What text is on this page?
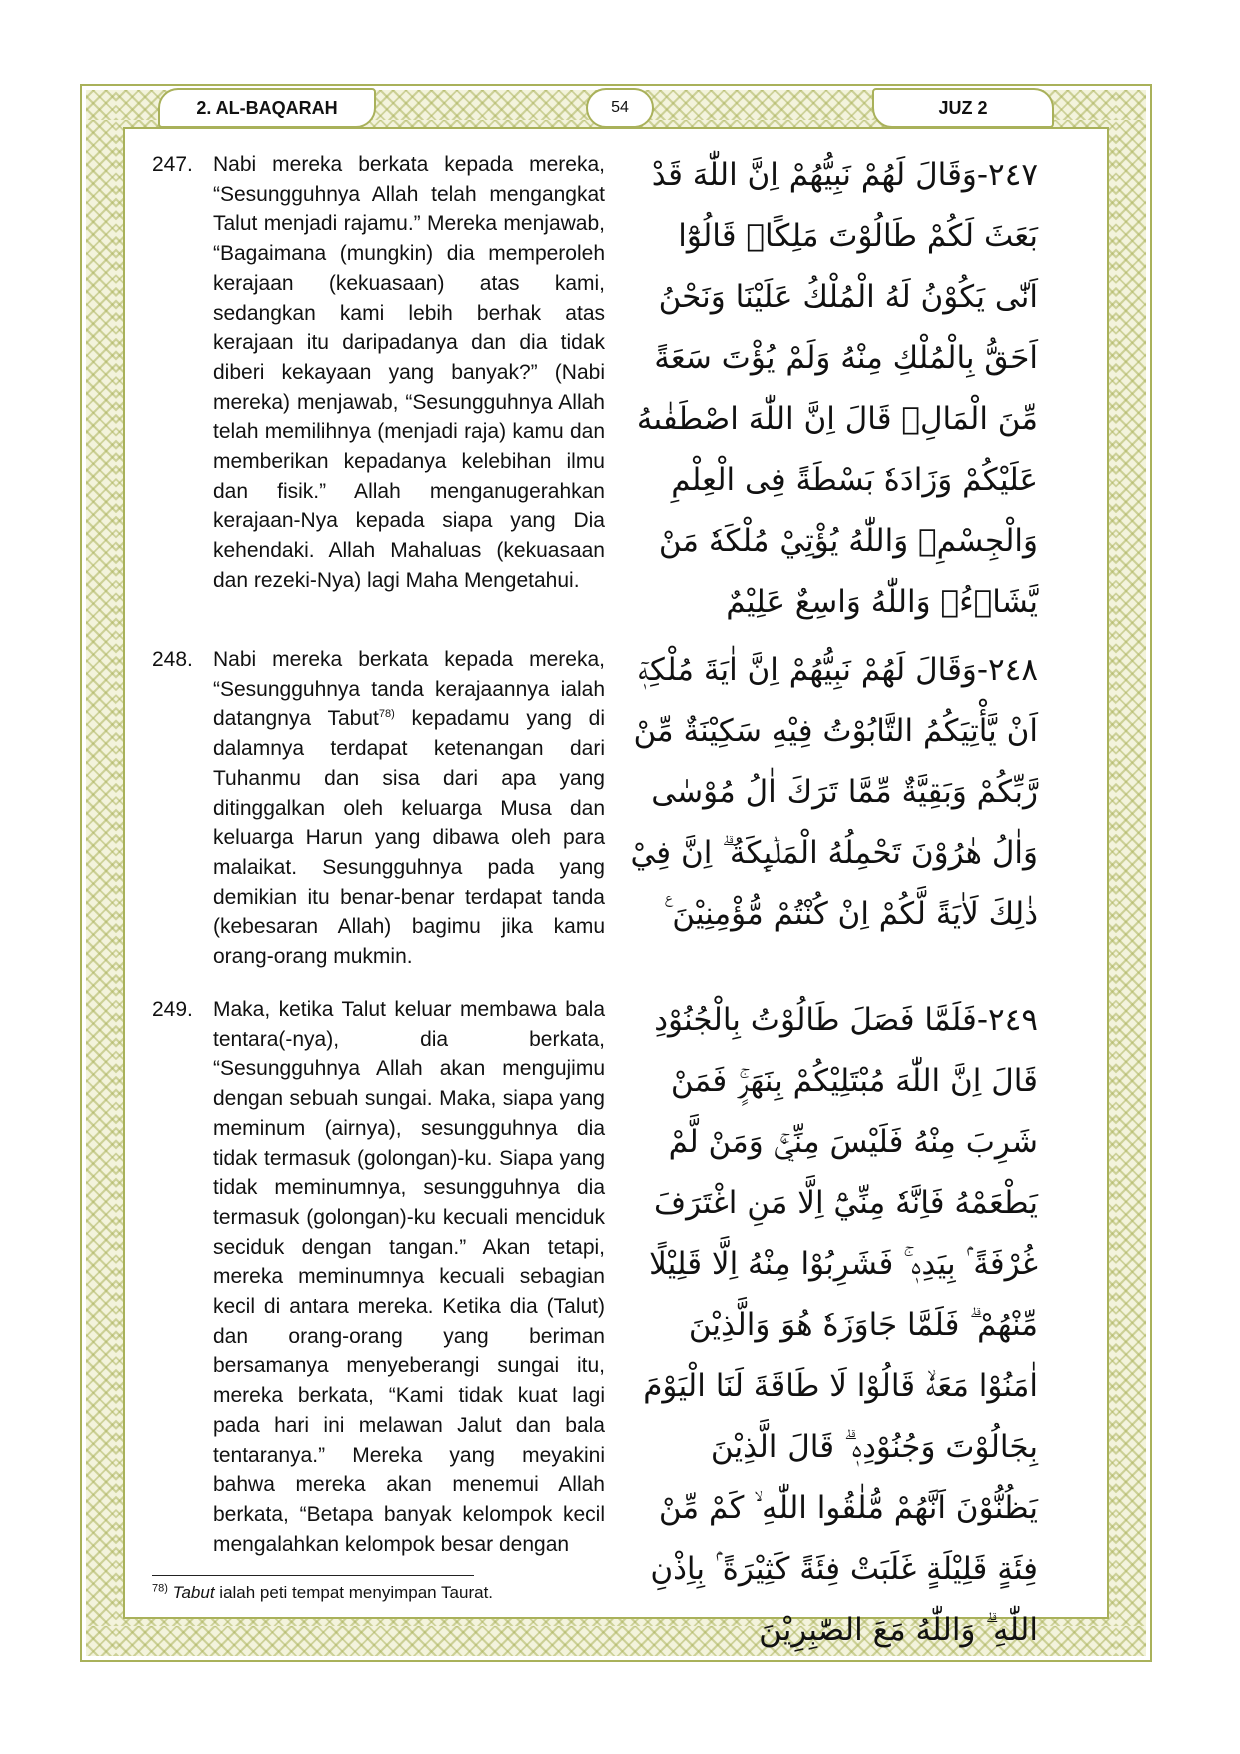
2. AL-BAQARAH	54	JUZ 2
247. Nabi mereka berkata kepada mereka, “Sesungguhnya Allah telah mengangkat Talut menjadi rajamu.” Mereka menjawab, “Bagaimana (mungkin) dia memperoleh kerajaan (kekuasaan) atas kami, sedangkan kami lebih berhak atas kerajaan itu daripadanya dan dia tidak diberi kekayaan yang banyak?” (Nabi mereka) menjawab, “Sesungguhnya Allah telah memilihnya (menjadi raja) kamu dan memberikan kepadanya kelebihan ilmu dan fisik.” Allah menganugerahkan kerajaan-Nya kepada siapa yang Dia kehendaki. Allah Mahaluas (kekuasaan dan rezeki-Nya) lagi Maha Mengetahui.

٢٤٧-وَقَالَ لَهُمْ نَبِيُّهُمْ اِنَّ اللّٰهَ قَدْ بَعَثَ لَكُمْ طَالُوْتَ مَلِكًاۗ قَالُوْٓا اَنّٰى يَكُوْنُ لَهُ الْمُلْكُ عَلَيْنَا وَنَحْنُ اَحَقُّ بِالْمُلْكِ مِنْهُ وَلَمْ يُؤْتَ سَعَةً مِّنَ الْمَالِۗ قَالَ اِنَّ اللّٰهَ اصْطَفٰىهُ عَلَيْكُمْ وَزَادَهٗ بَسْطَةً فِى الْعِلْمِ وَالْجِسْمِۗ وَاللّٰهُ يُؤْتِيْ مُلْكَهٗ مَنْ يَّشَاۤءُۗ وَاللّٰهُ وَاسِعٌ عَلِيْمٌ

248. Nabi mereka berkata kepada mereka, “Sesungguhnya tanda kerajaannya ialah datangnya Tabut$^{78)}$ kepadamu yang di dalamnya terdapat ketenangan dari Tuhanmu dan sisa dari apa yang ditinggalkan oleh keluarga Musa dan keluarga Harun yang dibawa oleh para malaikat. Sesungguhnya pada yang demikian itu benar-benar terdapat tanda (kebesaran Allah) bagimu jika kamu orang-orang mukmin.

٢٤٨-وَقَالَ لَهُمْ نَبِيُّهُمْ اِنَّ اٰيَةَ مُلْكِهٖٓ اَنْ يَّأْتِيَكُمُ التَّابُوْتُ فِيْهِ سَكِيْنَةٌ مِّنْ رَّبِّكُمْ وَبَقِيَّةٌ مِّمَّا تَرَكَ اٰلُ مُوْسٰى وَاٰلُ هٰرُوْنَ تَحْمِلُهُ الْمَلٰۤىِٕكَةُ ۗ اِنَّ فِيْ ذٰلِكَ لَاٰيَةً لَّكُمْ اِنْ كُنْتُمْ مُّؤْمِنِيْنَ ࣖ

249. Maka, ketika Talut keluar membawa bala tentara(-nya), dia berkata, “Sesungguhnya Allah akan mengujimu dengan sebuah sungai. Maka, siapa yang meminum (airnya), sesungguhnya dia tidak termasuk (golongan)-ku. Siapa yang tidak meminumnya, sesungguhnya dia termasuk (golongan)-ku kecuali menciduk seciduk dengan tangan.” Akan tetapi, mereka meminumnya kecuali sebagian kecil di antara mereka. Ketika dia (Talut) dan orang-orang yang beriman bersamanya menyeberangi sungai itu, mereka berkata, “Kami tidak kuat lagi pada hari ini melawan Jalut dan bala tentaranya.” Mereka yang meyakini bahwa mereka akan menemui Allah berkata, “Betapa banyak kelompok kecil mengalahkan kelompok besar dengan

٢٤٩-فَلَمَّا فَصَلَ طَالُوْتُ بِالْجُنُوْدِ قَالَ اِنَّ اللّٰهَ مُبْتَلِيْكُمْ بِنَهَرٍۚ فَمَنْ شَرِبَ مِنْهُ فَلَيْسَ مِنِّيْۚ وَمَنْ لَّمْ يَطْعَمْهُ فَاِنَّهٗ مِنِّيْٓ اِلَّا مَنِ اغْتَرَفَ غُرْفَةً ۢ بِيَدِهٖ ۚ فَشَرِبُوْا مِنْهُ اِلَّا قَلِيْلًا مِّنْهُمْ ۗ فَلَمَّا جَاوَزَهٗ هُوَ وَالَّذِيْنَ اٰمَنُوْا مَعَهٗۙ قَالُوْا لَا طَاقَةَ لَنَا الْيَوْمَ بِجَالُوْتَ وَجُنُوْدِهٖ ۗ قَالَ الَّذِيْنَ يَظُنُّوْنَ اَنَّهُمْ مُّلٰقُوا اللّٰهِ ۙ كَمْ مِّنْ فِئَةٍ قَلِيْلَةٍ غَلَبَتْ فِئَةً كَثِيْرَةً ۢ بِاِذْنِ اللّٰهِ ۗ وَاللّٰهُ مَعَ الصّٰبِرِيْنَ

$^{78)}$ Tabut ialah peti tempat menyimpan Taurat.
